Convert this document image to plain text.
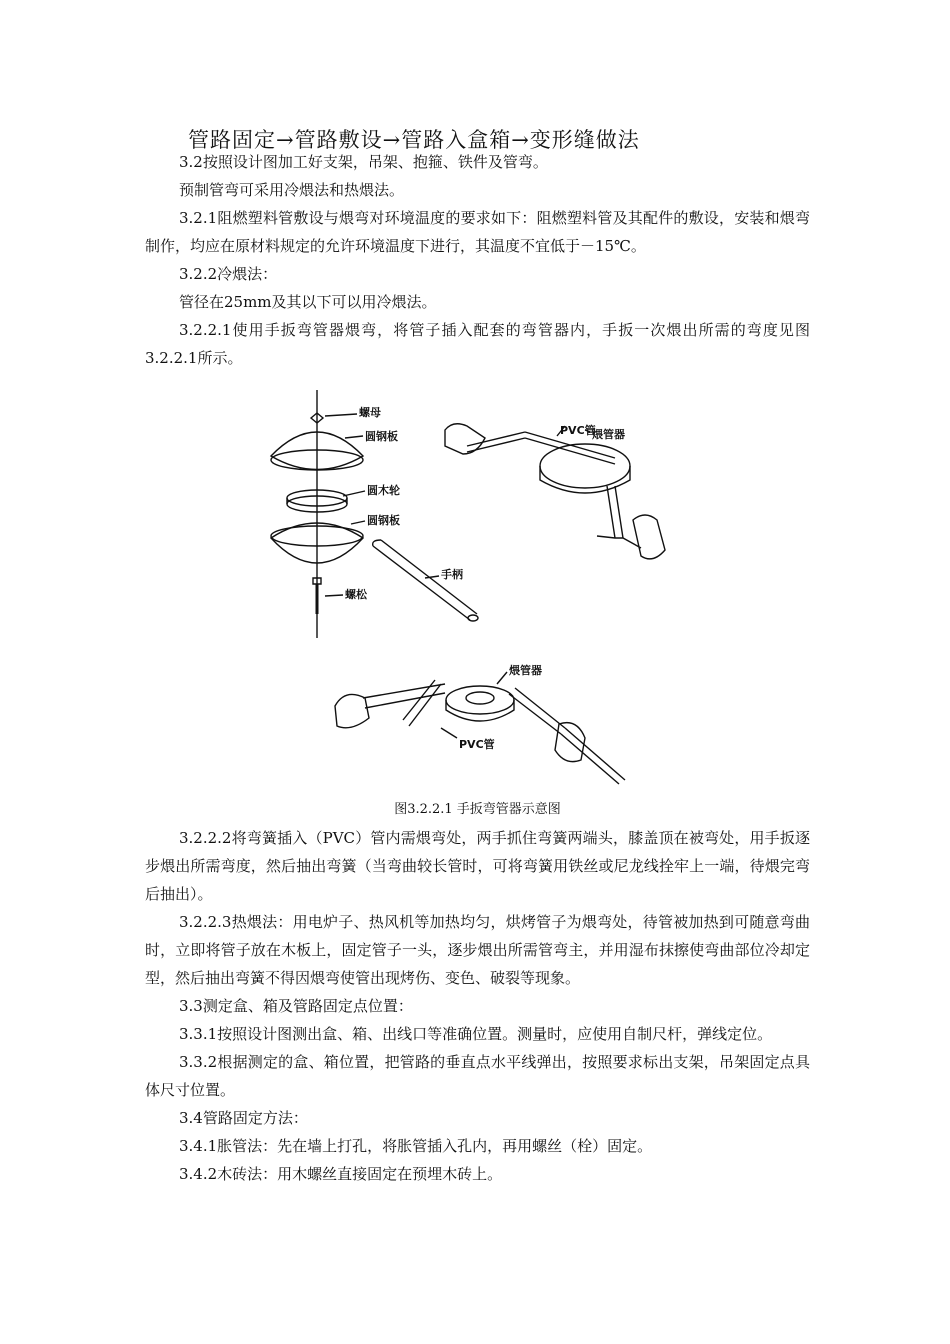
管路固定→管路敷设→管路入盒箱→变形缝做法

3.2按照设计图加工好支架，吊架、抱箍、铁件及管弯。

预制管弯可采用冷煨法和热煨法。

3.2.1阻燃塑料管敷设与煨弯对环境温度的要求如下：阻燃塑料管及其配件的敷设，安装和煨弯制作，均应在原材料规定的允许环境温度下进行，其温度不宜低于－15℃。

3.2.2冷煨法：

管径在25mm及其以下可以用冷煨法。

3.2.2.1使用手扳弯管器煨弯，将管子插入配套的弯管器内，手扳一次煨出所需的弯度见图3.2.2.1所示。

螺母
圆钢板
圆木轮
圆钢板
手柄
螺松
PVC管
煨管器
煨管器
PVC管
图3.2.2.1 手扳弯管器示意图

3.2.2.2将弯簧插入（PVC）管内需煨弯处，两手抓住弯簧两端头，膝盖顶在被弯处，用手扳逐步煨出所需弯度，然后抽出弯簧（当弯曲较长管时，可将弯簧用铁丝或尼龙线拴牢上一端，待煨完弯后抽出）。

3.2.2.3热煨法：用电炉子、热风机等加热均匀，烘烤管子为煨弯处，待管被加热到可随意弯曲时，立即将管子放在木板上，固定管子一头，逐步煨出所需管弯主，并用湿布抹擦使弯曲部位冷却定型，然后抽出弯簧不得因煨弯使管出现烤伤、变色、破裂等现象。

3.3测定盒、箱及管路固定点位置：

3.3.1按照设计图测出盒、箱、出线口等准确位置。测量时，应使用自制尺杆，弹线定位。

3.3.2根据测定的盒、箱位置，把管路的垂直点水平线弹出，按照要求标出支架，吊架固定点具体尺寸位置。

3.4管路固定方法：

3.4.1胀管法：先在墙上打孔，将胀管插入孔内，再用螺丝（栓）固定。

3.4.2木砖法：用木螺丝直接固定在预埋木砖上。
